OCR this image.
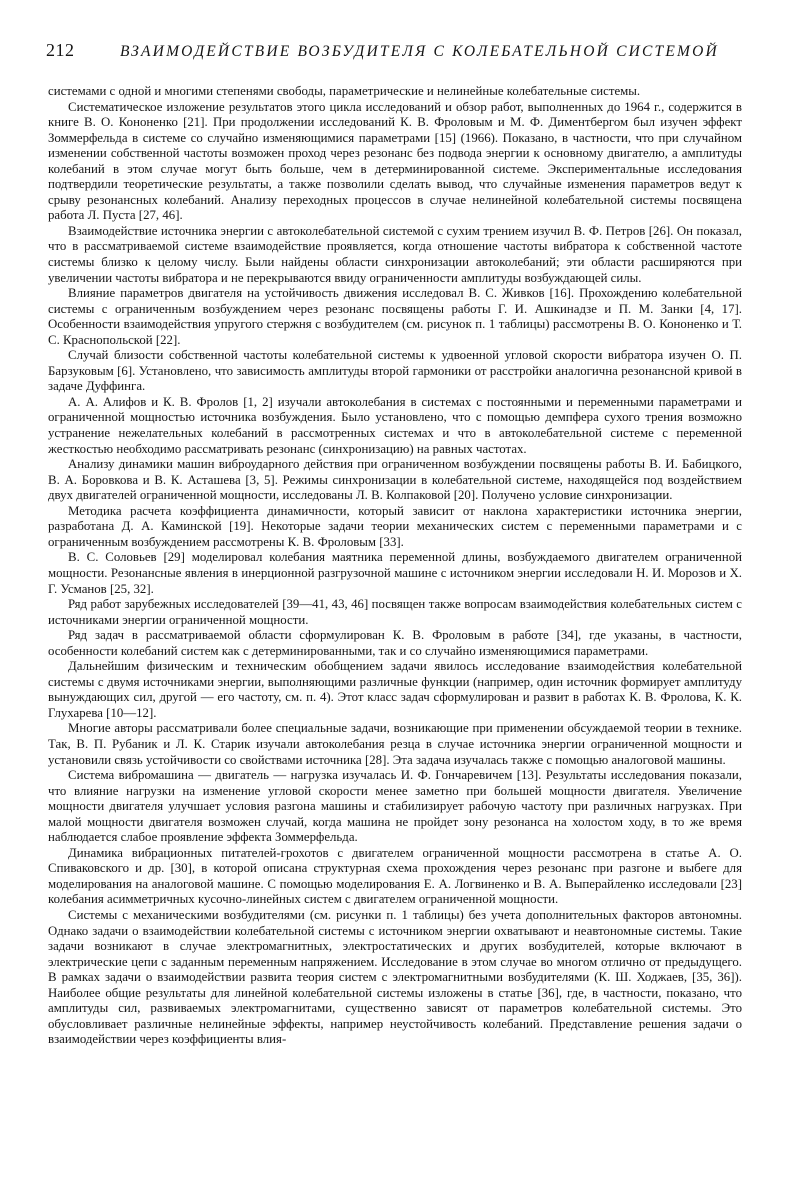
212	ВЗАИМОДЕЙСТВИЕ ВОЗБУДИТЕЛЯ С КОЛЕБАТЕЛЬНОЙ СИСТЕМОЙ

системами с одной и многими степенями свободы, параметрические и нелинейные колебательные системы.

Систематическое изложение результатов этого цикла исследований и обзор работ, выполненных до 1964 г., содержится в книге В. О. Кононенко [21]. При продолжении исследований К. В. Фроловым и М. Ф. Диментбергом был изучен эффект Зоммерфельда в системе со случайно изменяющимися параметрами [15] (1966). Показано, в частности, что при случайном изменении собственной частоты возможен проход через резонанс без подвода энергии к основному двигателю, а амплитуды колебаний в этом случае могут быть больше, чем в детерминированной системе. Экспериментальные исследования подтвердили теоретические результаты, а также позволили сделать вывод, что случайные изменения параметров ведут к срыву резонансных колебаний. Анализу переходных процессов в случае нелинейной колебательной системы посвящена работа Л. Пуста [27, 46].

Взаимодействие источника энергии с автоколебательной системой с сухим трением изучил В. Ф. Петров [26]. Он показал, что в рассматриваемой системе взаимодействие проявляется, когда отношение частоты вибратора к собственной частоте системы близко к целому числу. Были найдены области синхронизации автоколебаний; эти области расширяются при увеличении частоты вибратора и не перекрываются ввиду ограниченности амплитуды возбуждающей силы.

Влияние параметров двигателя на устойчивость движения исследовал В. С. Живков [16]. Прохождению колебательной системы с ограниченным возбуждением через резонанс посвящены работы Г. И. Ашкинадзе и П. М. Занки [4, 17]. Особенности взаимодействия упругого стержня с возбудителем (см. рисунок п. 1 таблицы) рассмотрены В. О. Кононенко и Т. С. Краснопольской [22].

Случай близости собственной частоты колебательной системы к удвоенной угловой скорости вибратора изучен О. П. Барзуковым [6]. Установлено, что зависимость амплитуды второй гармоники от расстройки аналогична резонансной кривой в задаче Дуффинга.

А. А. Алифов и К. В. Фролов [1, 2] изучали автоколебания в системах с постоянными и переменными параметрами и ограниченной мощностью источника возбуждения. Было установлено, что с помощью демпфера сухого трения возможно устранение нежелательных колебаний в рассмотренных системах и что в автоколебательной системе с переменной жесткостью необходимо рассматривать резонанс (синхронизацию) на равных частотах.

Анализу динамики машин виброударного действия при ограниченном возбуждении посвящены работы В. И. Бабицкого, В. А. Боровкова и В. К. Асташева [3, 5]. Режимы синхронизации в колебательной системе, находящейся под воздействием двух двигателей ограниченной мощности, исследованы Л. В. Колпаковой [20]. Получено условие синхронизации.

Методика расчета коэффициента динамичности, который зависит от наклона характеристики источника энергии, разработана Д. А. Каминской [19]. Некоторые задачи теории механических систем с переменными параметрами и с ограниченным возбуждением рассмотрены К. В. Фроловым [33].

В. С. Соловьев [29] моделировал колебания маятника переменной длины, возбуждаемого двигателем ограниченной мощности. Резонансные явления в инерционной разгрузочной машине с источником энергии исследовали Н. И. Морозов и Х. Г. Усманов [25, 32].

Ряд работ зарубежных исследователей [39—41, 43, 46] посвящен также вопросам взаимодействия колебательных систем с источниками энергии ограниченной мощности.

Ряд задач в рассматриваемой области сформулирован К. В. Фроловым в работе [34], где указаны, в частности, особенности колебаний систем как с детерминированными, так и со случайно изменяющимися параметрами.

Дальнейшим физическим и техническим обобщением задачи явилось исследование взаимодействия колебательной системы с двумя источниками энергии, выполняющими различные функции (например, один источник формирует амплитуду вынуждающих сил, другой — его частоту, см. п. 4). Этот класс задач сформулирован и развит в работах К. В. Фролова, К. К. Глухарева [10—12].

Многие авторы рассматривали более специальные задачи, возникающие при применении обсуждаемой теории в технике. Так, В. П. Рубаник и Л. К. Старик изучали автоколебания резца в случае источника энергии ограниченной мощности и установили связь устойчивости со свойствами источника [28]. Эта задача изучалась также с помощью аналоговой машины.

Система вибромашина — двигатель — нагрузка изучалась И. Ф. Гончаревичем [13]. Результаты исследования показали, что влияние нагрузки на изменение угловой скорости менее заметно при большей мощности двигателя. Увеличение мощности двигателя улучшает условия разгона машины и стабилизирует рабочую частоту при различных нагрузках. При малой мощности двигателя возможен случай, когда машина не пройдет зону резонанса на холостом ходу, в то же время наблюдается слабое проявление эффекта Зоммерфельда.

Динамика вибрационных питателей-грохотов с двигателем ограниченной мощности рассмотрена в статье А. О. Спиваковского и др. [30], в которой описана структурная схема прохождения через резонанс при разгоне и выбеге для моделирования на аналоговой машине. С помощью моделирования Е. А. Логвиненко и В. А. Выперайленко исследовали [23] колебания асимметричных кусочно-линейных систем с двигателем ограниченной мощности.

Системы с механическими возбудителями (см. рисунки п. 1 таблицы) без учета дополнительных факторов автономны. Однако задачи о взаимодействии колебательной системы с источником энергии охватывают и неавтономные системы. Такие задачи возникают в случае электромагнитных, электростатических и других возбудителей, которые включают в электрические цепи с заданным переменным напряжением. Исследование в этом случае во многом отлично от предыдущего. В рамках задачи о взаимодействии развита теория систем с электромагнитными возбудителями (К. Ш. Ходжаев, [35, 36]). Наиболее общие результаты для линейной колебательной системы изложены в статье [36], где, в частности, показано, что амплитуды сил, развиваемых электромагнитами, существенно зависят от параметров колебательной системы. Это обусловливает различные нелинейные эффекты, например неустойчивость колебаний. Представление решения задачи о взаимодействии через коэффициенты влия-
